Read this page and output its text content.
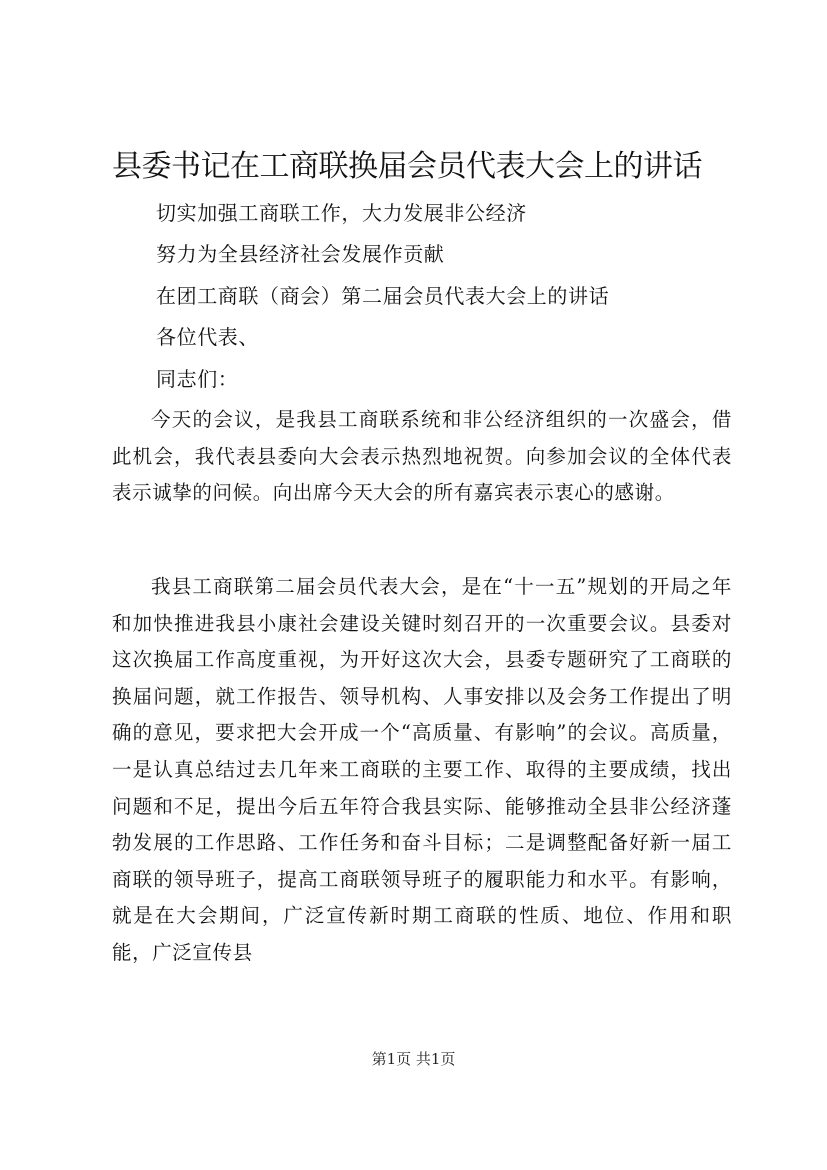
县委书记在工商联换届会员代表大会上的讲话
切实加强工商联工作，大力发展非公经济
努力为全县经济社会发展作贡献
在团工商联（商会）第二届会员代表大会上的讲话
各位代表、
同志们：
今天的会议，是我县工商联系统和非公经济组织的一次盛会，借此机会，我代表县委向大会表示热烈地祝贺。向参加会议的全体代表表示诚挚的问候。向出席今天大会的所有嘉宾表示衷心的感谢。
我县工商联第二届会员代表大会，是在“十一五”规划的开局之年和加快推进我县小康社会建设关键时刻召开的一次重要会议。县委对这次换届工作高度重视，为开好这次大会，县委专题研究了工商联的换届问题，就工作报告、领导机构、人事安排以及会务工作提出了明确的意见，要求把大会开成一个“高质量、有影响”的会议。高质量，一是认真总结过去几年来工商联的主要工作、取得的主要成绩，找出问题和不足，提出今后五年符合我县实际、能够推动全县非公经济蓬勃发展的工作思路、工作任务和奋斗目标；二是调整配备好新一届工商联的领导班子，提高工商联领导班子的履职能力和水平。有影响，就是在大会期间，广泛宣传新时期工商联的性质、地位、作用和职能，广泛宣传县
第1页 共1页
